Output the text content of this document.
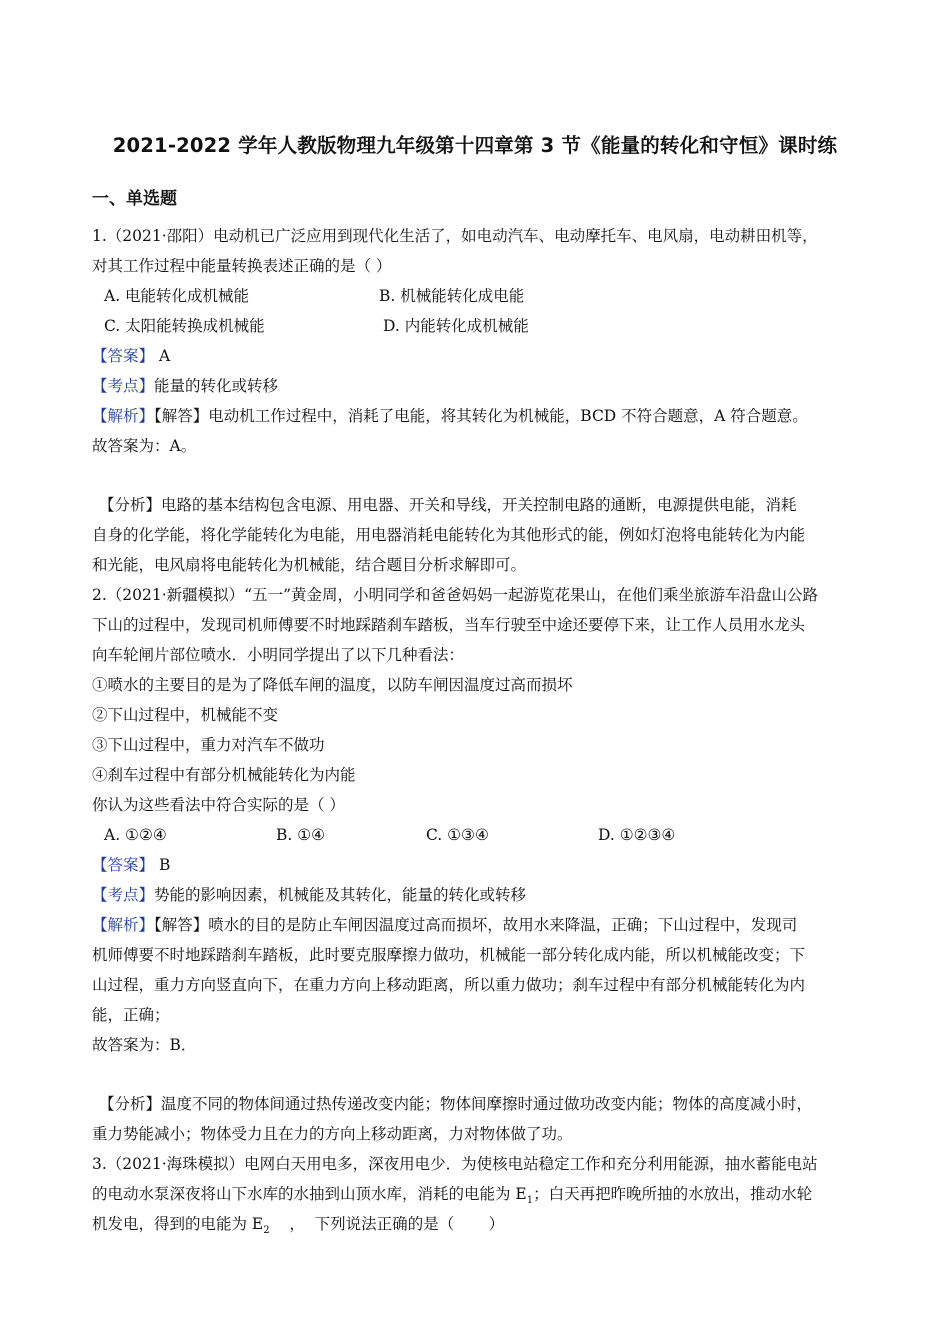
2021-2022 学年人教版物理九年级第十四章第 3 节《能量的转化和守恒》课时练
一、单选题
1.（2021·邵阳）电动机已广泛应用到现代化生活了，如电动汽车、电动摩托车、电风扇，电动耕田机等，
对其工作过程中能量转换表述正确的是（ ）
A. 电能转化成机械能	B. 机械能转化成电能
C. 太阳能转换成机械能	D. 内能转化成机械能
【答案】 A
【考点】能量的转化或转移
【解析】【解答】电动机工作过程中，消耗了电能，将其转化为机械能，BCD 不符合题意，A 符合题意。
故答案为：A。
【分析】电路的基本结构包含电源、用电器、开关和导线，开关控制电路的通断，电源提供电能，消耗
自身的化学能，将化学能转化为电能，用电器消耗电能转化为其他形式的能，例如灯泡将电能转化为内能
和光能，电风扇将电能转化为机械能，结合题目分析求解即可。
2.（2021·新疆模拟）“五一”黄金周，小明同学和爸爸妈妈一起游览花果山，在他们乘坐旅游车沿盘山公路
下山的过程中，发现司机师傅要不时地踩踏刹车踏板，当车行驶至中途还要停下来，让工作人员用水龙头
向车轮闸片部位喷水．小明同学提出了以下几种看法：
①喷水的主要目的是为了降低车闸的温度，以防车闸因温度过高而损坏
②下山过程中，机械能不变
③下山过程中，重力对汽车不做功
④刹车过程中有部分机械能转化为内能
你认为这些看法中符合实际的是（ ）
A. ①②④	B. ①④	C. ①③④	D. ①②③④
【答案】 B
【考点】势能的影响因素，机械能及其转化，能量的转化或转移
【解析】【解答】喷水的目的是防止车闸因温度过高而损坏，故用水来降温，正确；下山过程中，发现司
机师傅要不时地踩踏刹车踏板，此时要克服摩擦力做功，机械能一部分转化成内能，所以机械能改变；下
山过程，重力方向竖直向下，在重力方向上移动距离，所以重力做功；刹车过程中有部分机械能转化为内
能，正确；
故答案为：B．
【分析】温度不同的物体间通过热传递改变内能；物体间摩擦时通过做功改变内能；物体的高度减小时，
重力势能减小；物体受力且在力的方向上移动距离，力对物体做了功。
3.（2021·海珠模拟）电网白天用电多，深夜用电少．为使核电站稳定工作和充分利用能源，抽水蓄能电站
的电动水泵深夜将山下水库的水抽到山顶水库，消耗的电能为 $E_1$；白天再把昨晚所抽的水放出，推动水轮
机发电，得到的电能为 $E_2$    ，  下列说法正确的是（       ）
